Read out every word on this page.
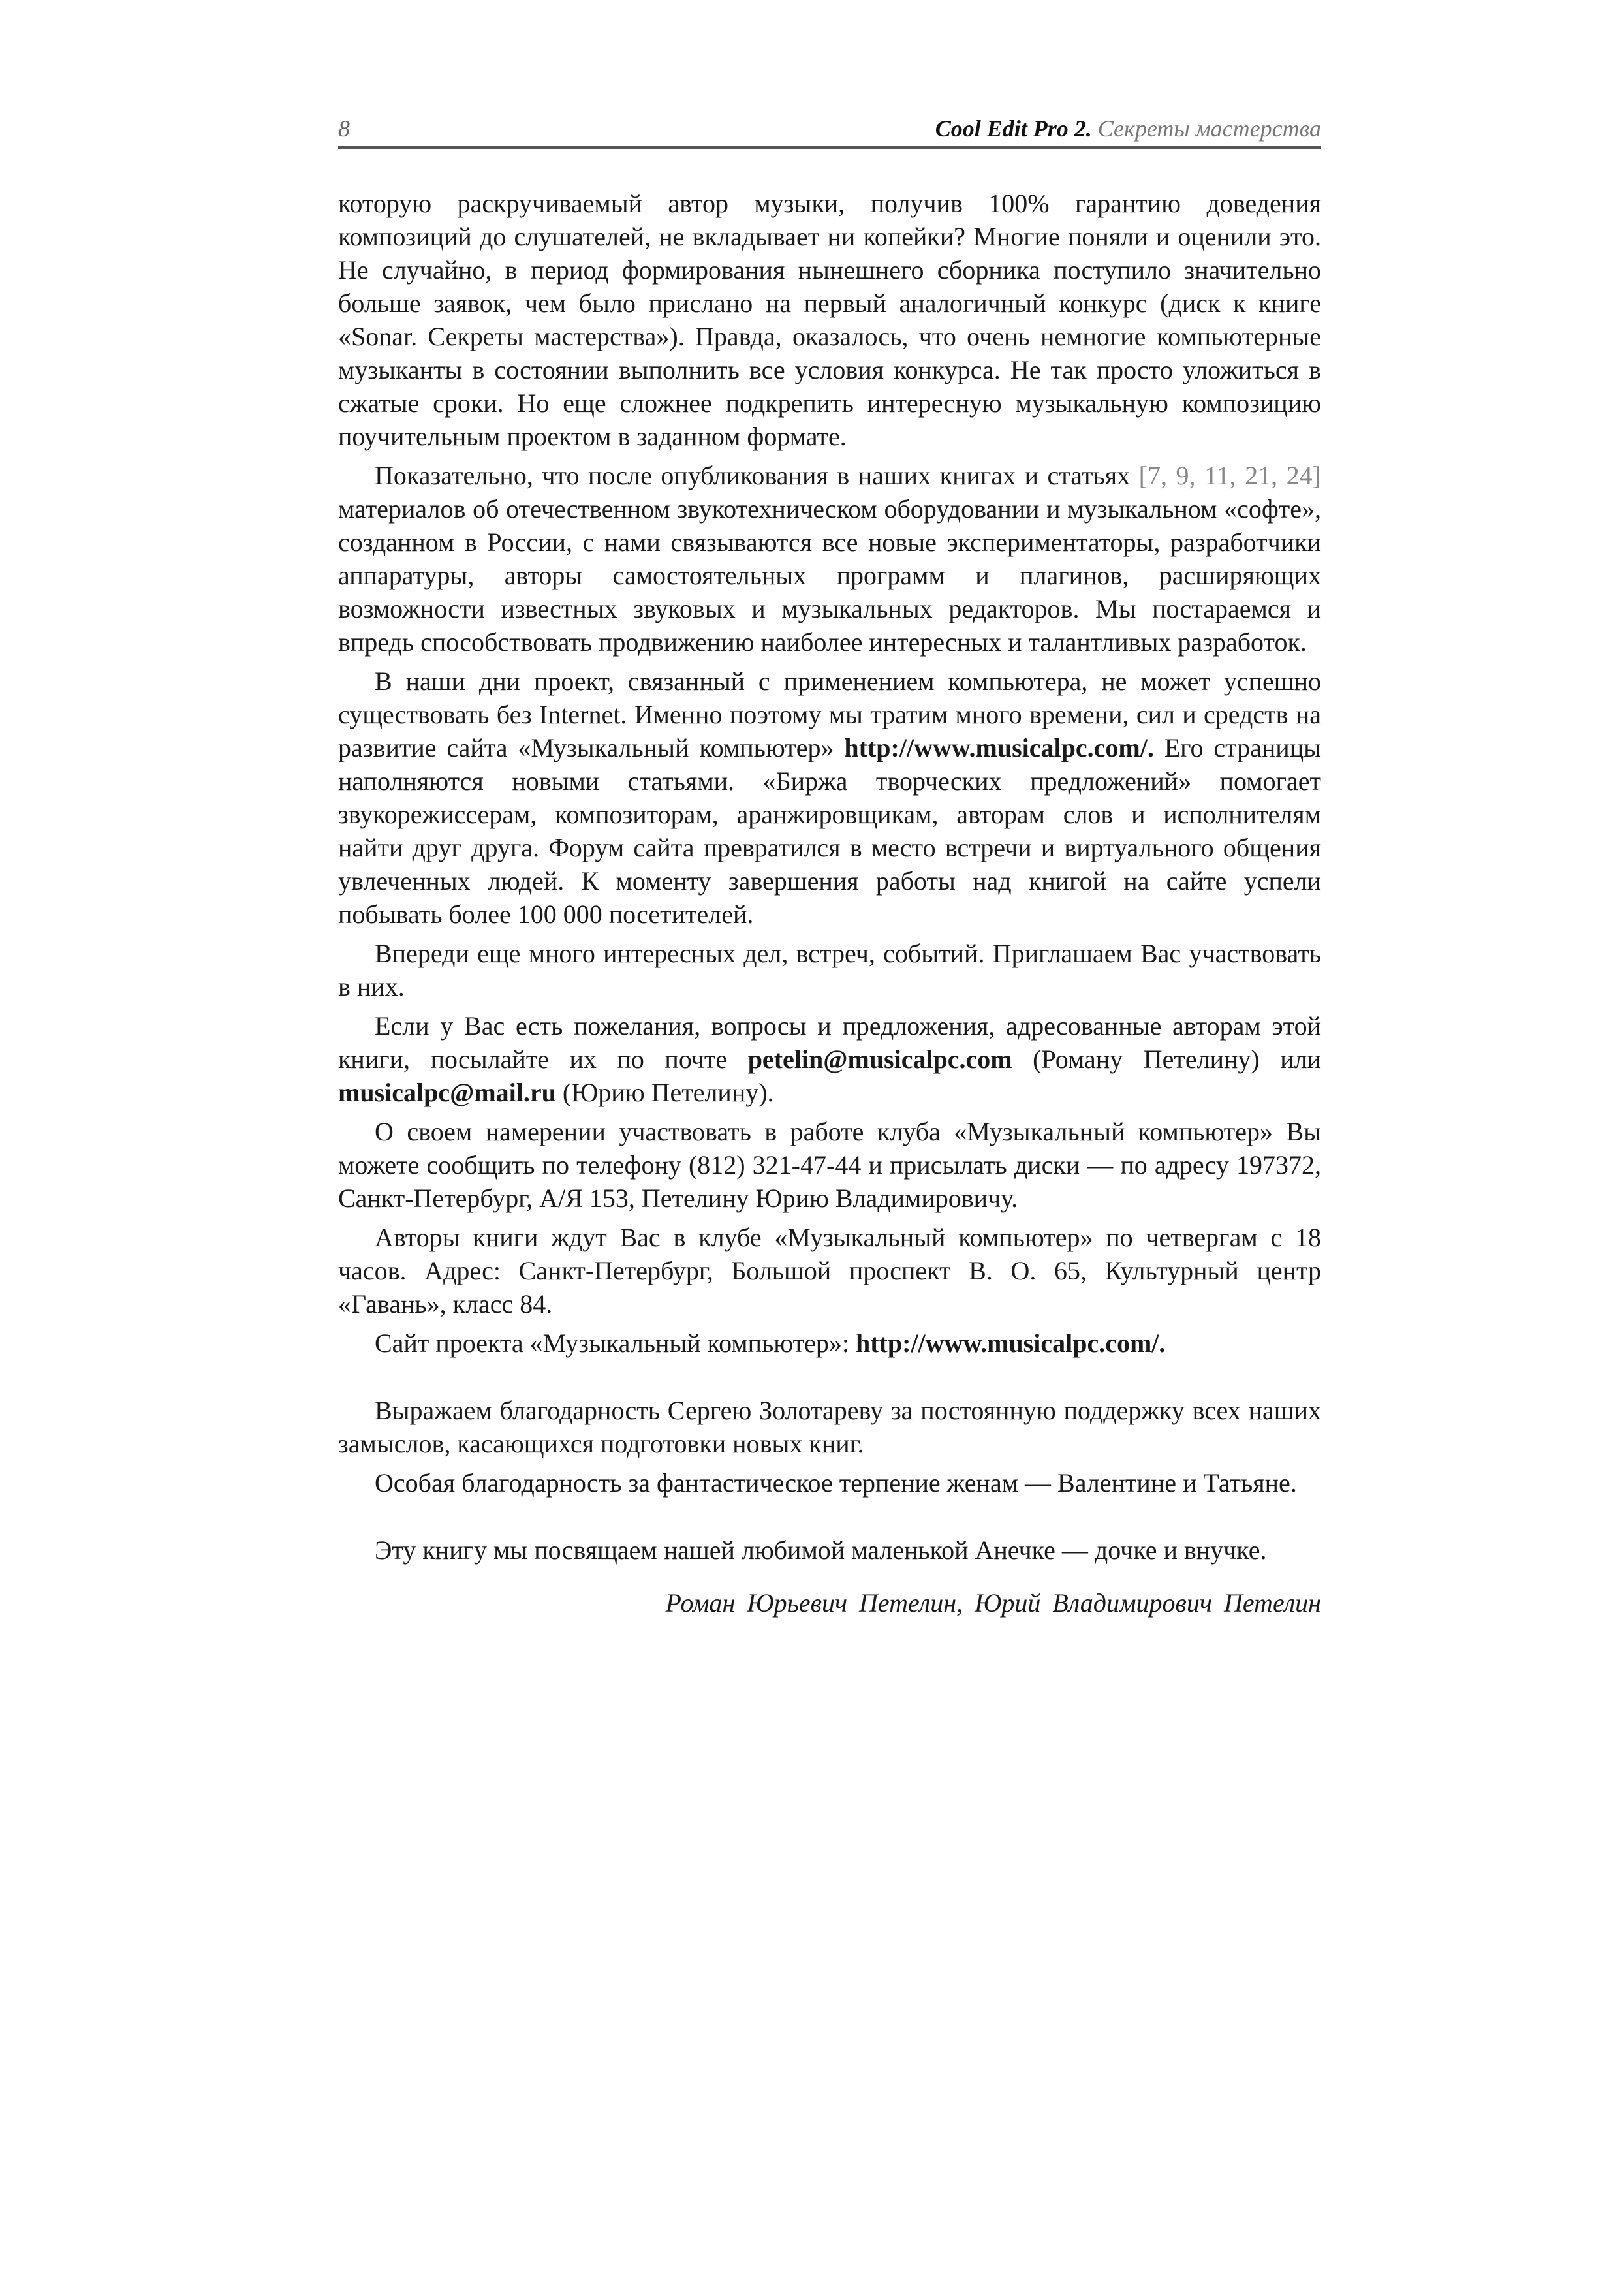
8	Cool Edit Pro 2. Секреты мастерства

которую раскручиваемый автор музыки, получив 100% гарантию доведения композиций до слушателей, не вкладывает ни копейки? Многие поняли и оценили это. Не случайно, в период формирования нынешнего сборника поступило значительно больше заявок, чем было прислано на первый аналогичный конкурс (диск к книге «Sonar. Секреты мастерства»). Правда, оказалось, что очень немногие компьютерные музыканты в состоянии выполнить все условия конкурса. Не так просто уложиться в сжатые сроки. Но еще сложнее подкрепить интересную музыкальную композицию поучительным проектом в заданном формате.

Показательно, что после опубликования в наших книгах и статьях [7, 9, 11, 21, 24] материалов об отечественном звукотехническом оборудовании и музыкальном «софте», созданном в России, с нами связываются все новые экспериментаторы, разработчики аппаратуры, авторы самостоятельных программ и плагинов, расширяющих возможности известных звуковых и музыкальных редакторов. Мы постараемся и впредь способствовать продвижению наиболее интересных и талантливых разработок.

В наши дни проект, связанный с применением компьютера, не может успешно существовать без Internet. Именно поэтому мы тратим много времени, сил и средств на развитие сайта «Музыкальный компьютер» http://www.musicalpc.com/. Его страницы наполняются новыми статьями. «Биржа творческих предложений» помогает звукорежиссерам, композиторам, аранжировщикам, авторам слов и исполнителям найти друг друга. Форум сайта превратился в место встречи и виртуального общения увлеченных людей. К моменту завершения работы над книгой на сайте успели побывать более 100 000 посетителей.

Впереди еще много интересных дел, встреч, событий. Приглашаем Вас участвовать в них.

Если у Вас есть пожелания, вопросы и предложения, адресованные авторам этой книги, посылайте их по почте petelin@musicalpc.com (Роману Петелину) или musicalpc@mail.ru (Юрию Петелину).

О своем намерении участвовать в работе клуба «Музыкальный компьютер» Вы можете сообщить по телефону (812) 321-47-44 и присылать диски — по адресу 197372, Санкт-Петербург, А/Я 153, Петелину Юрию Владимировичу.

Авторы книги ждут Вас в клубе «Музыкальный компьютер» по четвергам с 18 часов. Адрес: Санкт-Петербург, Большой проспект В. О. 65, Культурный центр «Гавань», класс 84.

Сайт проекта «Музыкальный компьютер»: http://www.musicalpc.com/.

Выражаем благодарность Сергею Золотареву за постоянную поддержку всех наших замыслов, касающихся подготовки новых книг.

Особая благодарность за фантастическое терпение женам — Валентине и Татьяне.

Эту книгу мы посвящаем нашей любимой маленькой Анечке — дочке и внучке.

Роман Юрьевич Петелин, Юрий Владимирович Петелин
